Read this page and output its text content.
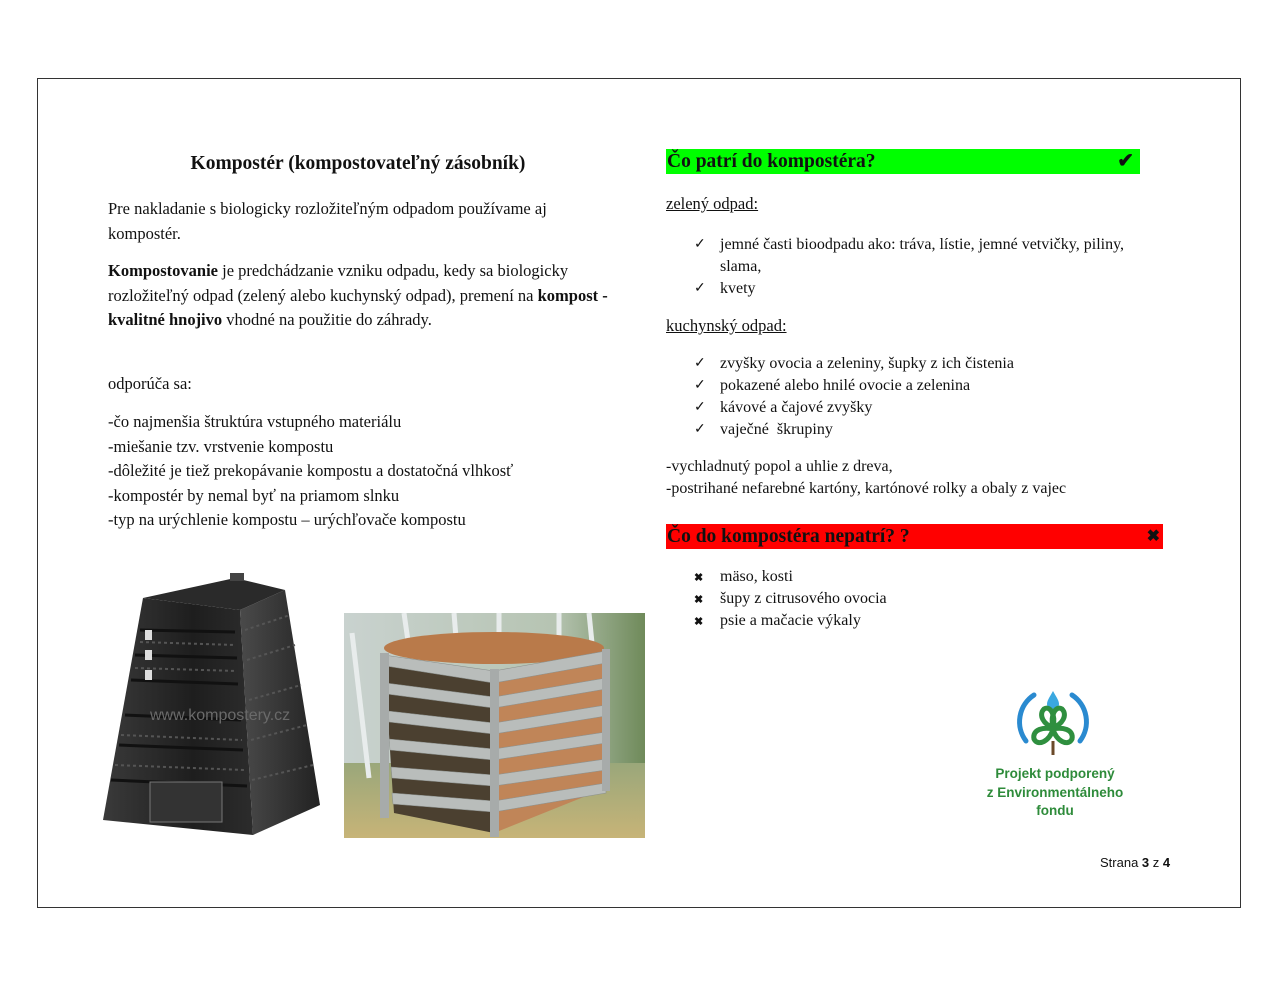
Kompostér (kompostovateľný zásobník)
Pre nakladanie s biologicky rozložiteľným odpadom používame aj kompostér.
Kompostovanie je predchádzanie vzniku odpadu, kedy sa biologicky rozložiteľný odpad (zelený alebo kuchynský odpad), premení na kompost - kvalitné hnojivo vhodné na použitie do záhrady.
odporúča sa:
-čo najmenšia štruktúra vstupného materiálu
-miešanie tzv. vrstvenie kompostu
-dôležité je tiež prekopávanie kompostu a dostatočná vlhkosť
-kompostér by nemal byť na priamom slnku
-typ na urýchlenie kompostu – urýchľovače kompostu
www.kompostery.cz
Čo patrí do kompostéra?	✔
zelený odpad:
✓ jemné časti bioodpadu ako: tráva, lístie, jemné vetvičky, piliny, slama,
✓ kvety
kuchynský odpad:
✓ zvyšky ovocia a zeleniny, šupky z ich čistenia
✓ pokazené alebo hnilé ovocie a zelenina
✓ kávové a čajové zvyšky
✓ vaječné  škrupiny
-vychladnutý popol a uhlie z dreva,
-postrihané nefarebné kartóny, kartónové rolky a obaly z vajec
Čo do kompostéra nepatrí? ?	✖
✖ mäso, kosti
✖ šupy z citrusového ovocia
✖ psie a mačacie výkaly
Projekt podporený
z Environmentálneho
fondu
Strana 3 z 4
